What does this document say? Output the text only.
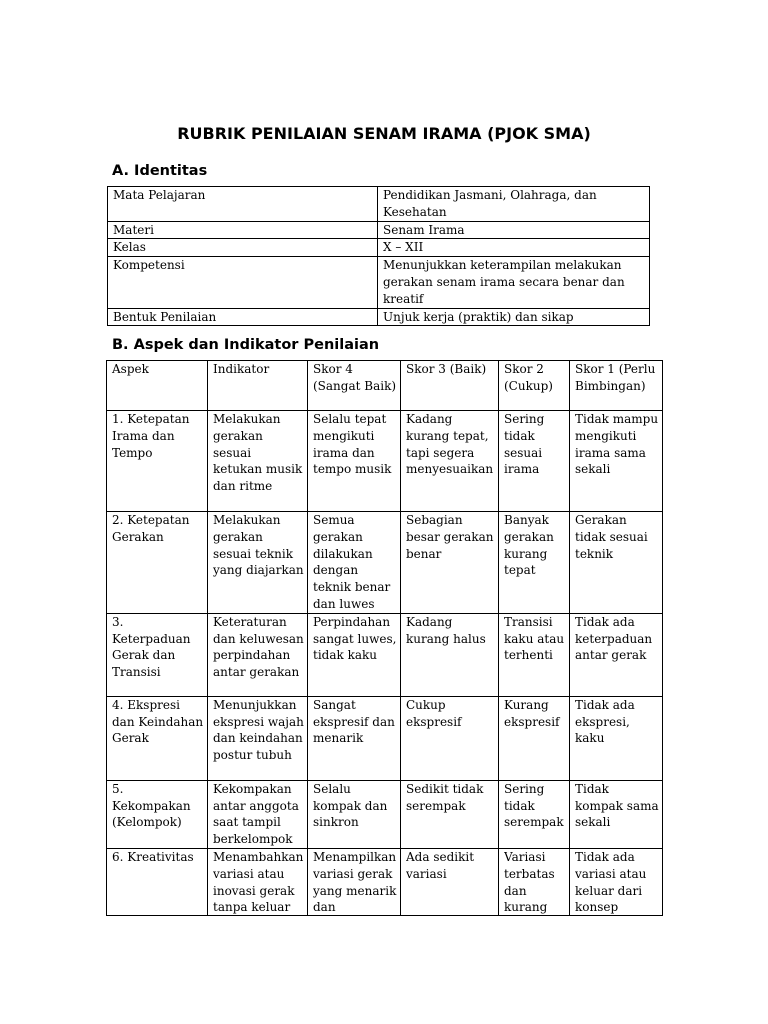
RUBRIK PENILAIAN SENAM IRAMA (PJOK SMA)
A. Identitas
Mata Pelajaran	Pendidikan Jasmani, Olahraga, dan Kesehatan
Materi	Senam Irama
Kelas	X – XII
Kompetensi	Menunjukkan keterampilan melakukan gerakan senam irama secara benar dan kreatif
Bentuk Penilaian	Unjuk kerja (praktik) dan sikap
B. Aspek dan Indikator Penilaian
Aspek	Indikator	Skor 4 (Sangat Baik)	Skor 3 (Baik)	Skor 2 (Cukup)	Skor 1 (Perlu Bimbingan)
1. Ketepatan Irama dan Tempo	Melakukan gerakan sesuai ketukan musik dan ritme	Selalu tepat mengikuti irama dan tempo musik	Kadang kurang tepat, tapi segera menyesuaikan	Sering tidak sesuai irama	Tidak mampu mengikuti irama sama sekali
2. Ketepatan Gerakan	Melakukan gerakan sesuai teknik yang diajarkan	Semua gerakan dilakukan dengan teknik benar dan luwes	Sebagian besar gerakan benar	Banyak gerakan kurang tepat	Gerakan tidak sesuai teknik
3. Keterpaduan Gerak dan Transisi	Keteraturan dan keluwesan perpindahan antar gerakan	Perpindahan sangat luwes, tidak kaku	Kadang kurang halus	Transisi kaku atau terhenti	Tidak ada keterpaduan antar gerak
4. Ekspresi dan Keindahan Gerak	Menunjukkan ekspresi wajah dan keindahan postur tubuh	Sangat ekspresif dan menarik	Cukup ekspresif	Kurang ekspresif	Tidak ada ekspresi, kaku
5. Kekompakan (Kelompok)	Kekompakan antar anggota saat tampil berkelompok	Selalu kompak dan sinkron	Sedikit tidak serempak	Sering tidak serempak	Tidak kompak sama sekali

6. Kreativitas	Menambahkan variasi atau inovasi gerak tanpa keluar	Menampilkan variasi gerak yang menarik dan	Ada sedikit variasi	Variasi terbatas dan kurang	Tidak ada variasi atau keluar dari konsep
